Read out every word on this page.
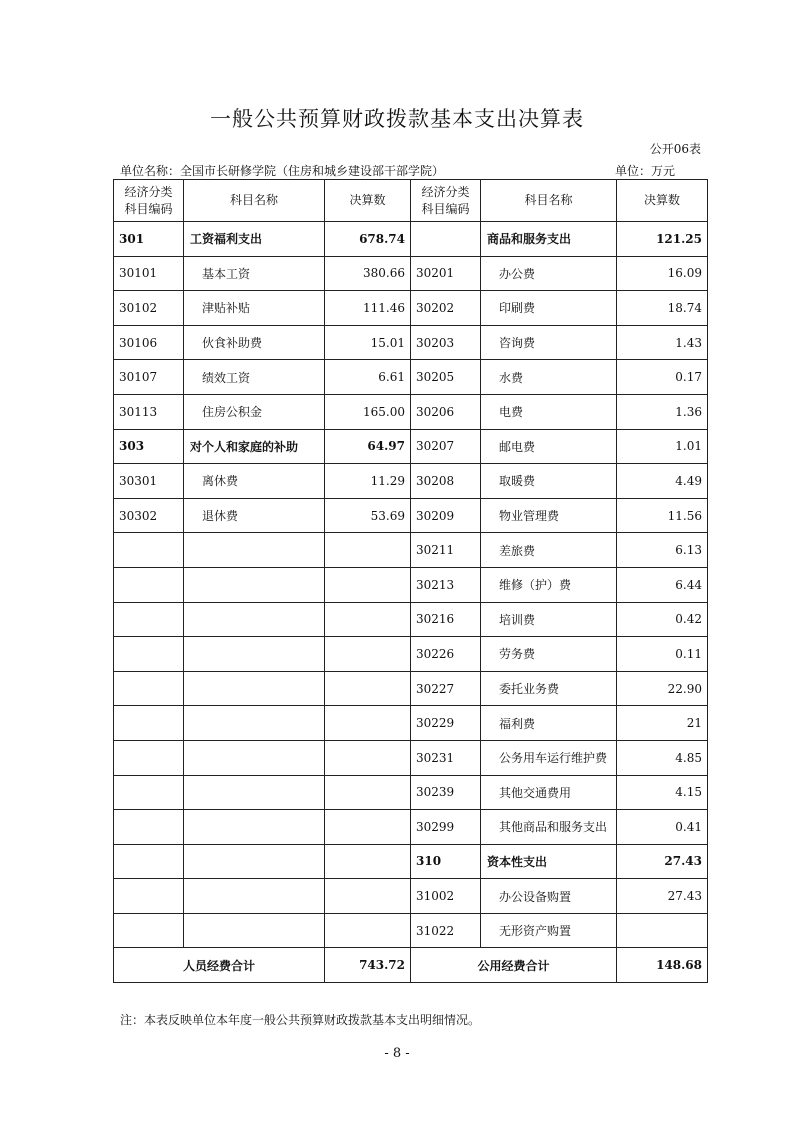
一般公共预算财政拨款基本支出决算表
公开06表
单位名称：全国市长研修学院（住房和城乡建设部干部学院）	单位：万元
经济分类科目编码	科目名称	决算数	经济分类科目编码	科目名称	决算数
301	工资福利支出	678.74		商品和服务支出	121.25
30101	基本工资	380.66	30201	办公费	16.09
30102	津贴补贴	111.46	30202	印刷费	18.74
30106	伙食补助费	15.01	30203	咨询费	1.43
30107	绩效工资	6.61	30205	水费	0.17
30113	住房公积金	165.00	30206	电费	1.36
303	对个人和家庭的补助	64.97	30207	邮电费	1.01
30301	离休费	11.29	30208	取暖费	4.49
30302	退休费	53.69	30209	物业管理费	11.56
			30211	差旅费	6.13
			30213	维修（护）费	6.44
			30216	培训费	0.42
			30226	劳务费	0.11
			30227	委托业务费	22.90
			30229	福利费	21
			30231	公务用车运行维护费	4.85
			30239	其他交通费用	4.15
			30299	其他商品和服务支出	0.41
			310	资本性支出	27.43
			31002	办公设备购置	27.43
			31022	无形资产购置	
人员经费合计		743.72	公用经费合计		148.68
注：本表反映单位本年度一般公共预算财政拨款基本支出明细情况。
- 8 -
